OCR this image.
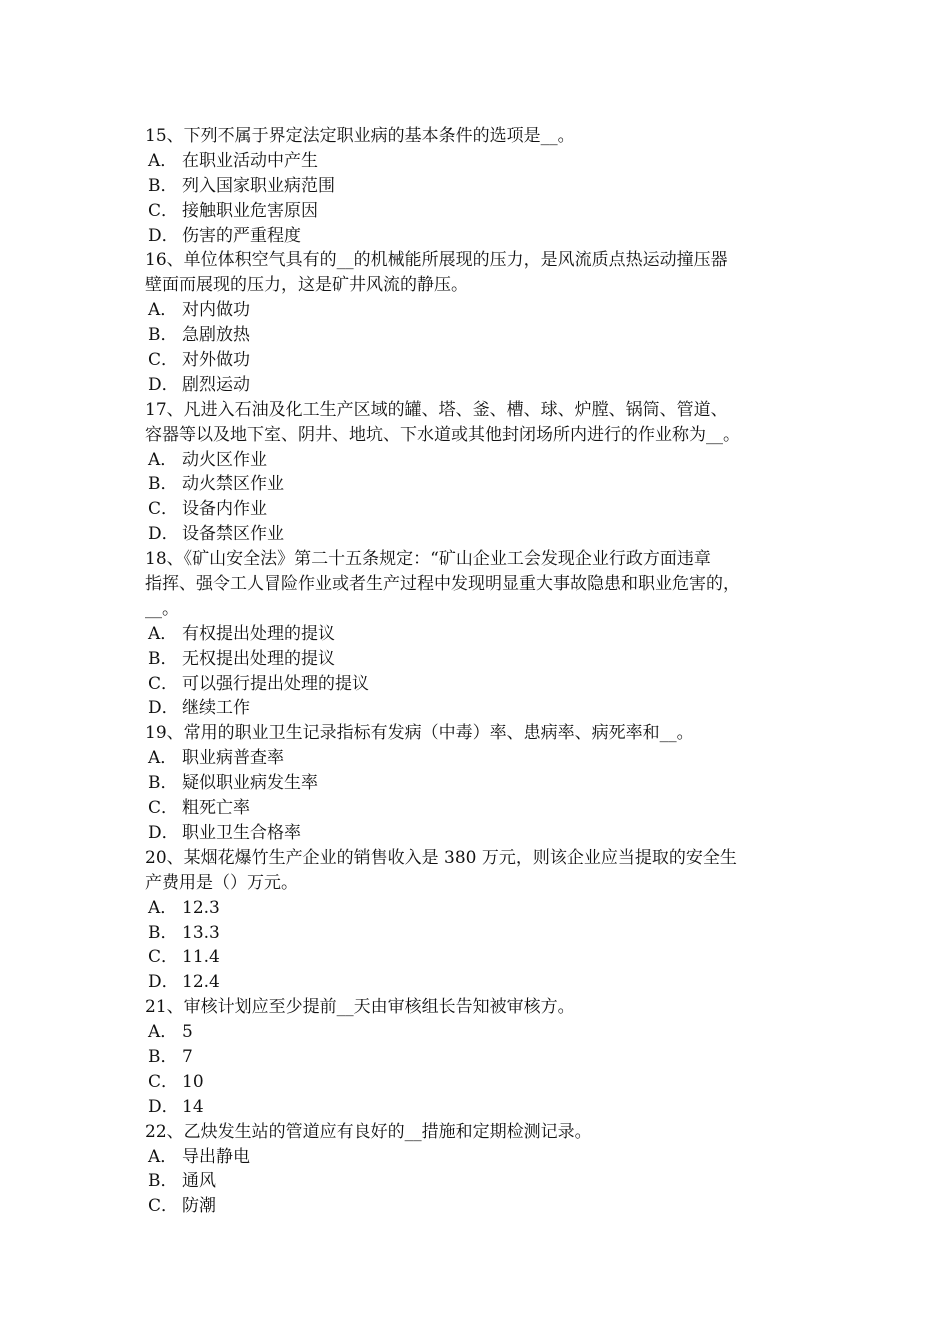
15、下列不属于界定法定职业病的基本条件的选项是__。
A． 在职业活动中产生
B． 列入国家职业病范围
C． 接触职业危害原因
D． 伤害的严重程度
16、单位体积空气具有的__的机械能所展现的压力，是风流质点热运动撞压器
壁面而展现的压力，这是矿井风流的静压。
A． 对内做功
B． 急剧放热
C． 对外做功
D． 剧烈运动
17、凡进入石油及化工生产区域的罐、塔、釜、槽、球、炉膛、锅筒、管道、
容器等以及地下室、阴井、地坑、下水道或其他封闭场所内进行的作业称为__。
A． 动火区作业
B． 动火禁区作业
C． 设备内作业
D． 设备禁区作业
18、《矿山安全法》第二十五条规定：“矿山企业工会发现企业行政方面违章
指挥、强令工人冒险作业或者生产过程中发现明显重大事故隐患和职业危害的，
__。
A． 有权提出处理的提议
B． 无权提出处理的提议
C． 可以强行提出处理的提议
D． 继续工作
19、常用的职业卫生记录指标有发病（中毒）率、患病率、病死率和__。
A． 职业病普查率
B． 疑似职业病发生率
C． 粗死亡率
D． 职业卫生合格率
20、某烟花爆竹生产企业的销售收入是 380 万元，则该企业应当提取的安全生
产费用是（）万元。
A． 12.3
B． 13.3
C． 11.4
D． 12.4
21、审核计划应至少提前__天由审核组长告知被审核方。
A． 5
B． 7
C． 10
D． 14
22、乙炔发生站的管道应有良好的__措施和定期检测记录。
A． 导出静电
B． 通风
C． 防潮
